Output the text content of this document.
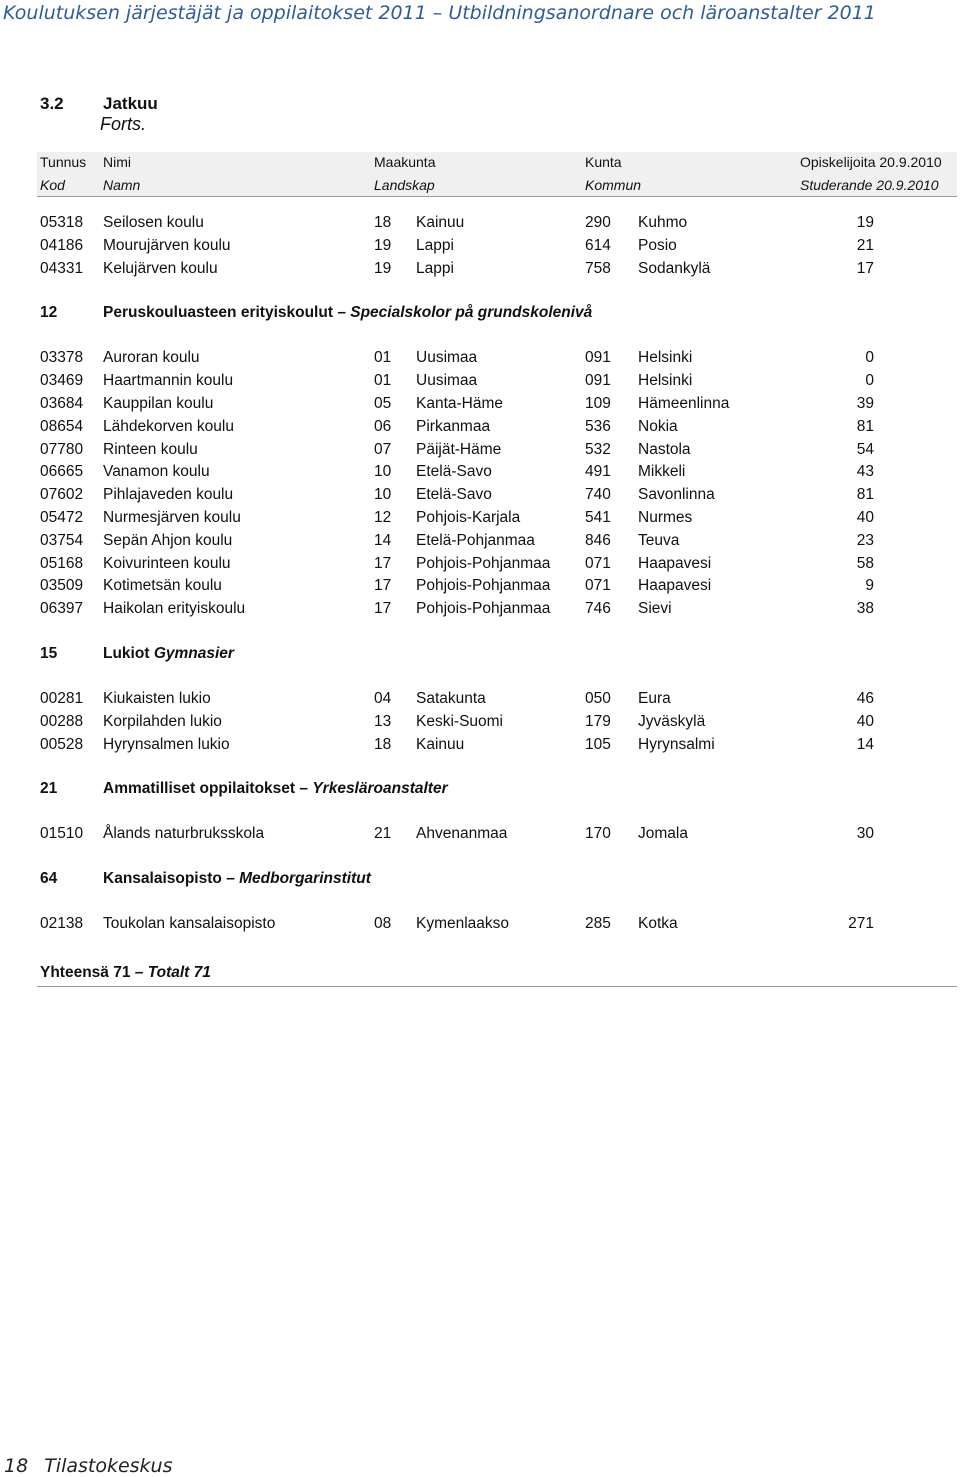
Koulutuksen järjestäjät ja oppilaitokset 2011 – Utbildningsanordnare och läroanstalter 2011
3.2 Jatkuu
Forts.
Tunnus Nimi	Maakunta	Kunta	Opiskelijoita 20.9.2010
Kod	Namn	Landskap	Kommun	Studerande 20.9.2010
05318 Seilosen koulu	18 Kainuu	290 Kuhmo	19
04186 Mourujärven koulu	19 Lappi	614 Posio	21
04331 Kelujärven koulu	19 Lappi	758 Sodankylä	17
12	Peruskouluasteen erityiskoulut – Specialskolor på grundskolenivå
03378 Auroran koulu	01 Uusimaa	091 Helsinki	0
03469 Haartmannin koulu	01 Uusimaa	091 Helsinki	0
03684 Kauppilan koulu	05 Kanta-Häme	109 Hämeenlinna	39
08654 Lähdekorven koulu	06 Pirkanmaa	536 Nokia	81
07780 Rinteen koulu	07 Päijät-Häme	532 Nastola	54
06665 Vanamon koulu	10 Etelä-Savo	491 Mikkeli	43
07602 Pihlajaveden koulu	10 Etelä-Savo	740 Savonlinna	81
05472 Nurmesjärven koulu	12 Pohjois-Karjala	541 Nurmes	40
03754 Sepän Ahjon koulu	14 Etelä-Pohjanmaa	846 Teuva	23
05168 Koivurinteen koulu	17 Pohjois-Pohjanmaa 071 Haapavesi	58
03509 Kotimetsän koulu	17 Pohjois-Pohjanmaa 071 Haapavesi	9
06397 Haikolan erityiskoulu	17 Pohjois-Pohjanmaa 746 Sievi	38
15	Lukiot Gymnasier
00281 Kiukaisten lukio	04 Satakunta	050 Eura	46
00288 Korpilahden lukio	13 Keski-Suomi	179 Jyväskylä	40
00528 Hyrynsalmen lukio	18 Kainuu	105 Hyrynsalmi	14
21	Ammatilliset oppilaitokset – Yrkesläroanstalter
01510 Ålands naturbruksskola	21 Ahvenanmaa	170 Jomala	30
64	Kansalaisopisto – Medborgarinstitut
02138 Toukolan kansalaisopisto	08 Kymenlaakso	285 Kotka	271
Yhteensä 71 – Totalt 71
18 Tilastokeskus
